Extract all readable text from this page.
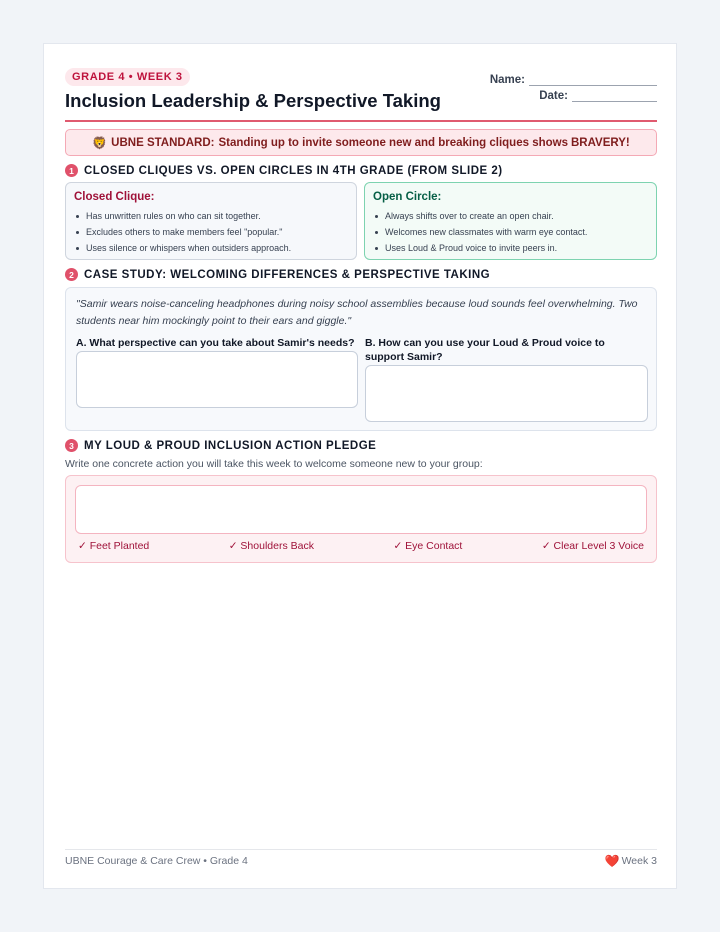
GRADE 4 • WEEK 3
Inclusion Leadership & Perspective Taking
Name:
Date:
🦁 UBNE STANDARD: Standing up to invite someone new and breaking cliques shows BRAVERY!
1 CLOSED CLIQUES VS. OPEN CIRCLES IN 4TH GRADE (FROM SLIDE 2)
Closed Clique:
Has unwritten rules on who can sit together.
Excludes others to make members feel "popular."
Uses silence or whispers when outsiders approach.
Open Circle:
Always shifts over to create an open chair.
Welcomes new classmates with warm eye contact.
Uses Loud & Proud voice to invite peers in.
2 CASE STUDY: WELCOMING DIFFERENCES & PERSPECTIVE TAKING

"Samir wears noise-canceling headphones during noisy school assemblies because loud sounds feel overwhelming. Two students near him mockingly point to their ears and giggle."

A. What perspective can you take about Samir's needs? B. How can you use your Loud & Proud voice to support Samir?
3 MY LOUD & PROUD INCLUSION ACTION PLEDGE

Write one concrete action you will take this week to welcome someone new to your group:

✓ Feet Planted	✓ Shoulders Back	✓ Eye Contact	✓ Clear Level 3 Voice
UBNE Courage & Care Crew • Grade 4	❤️ Week 3
